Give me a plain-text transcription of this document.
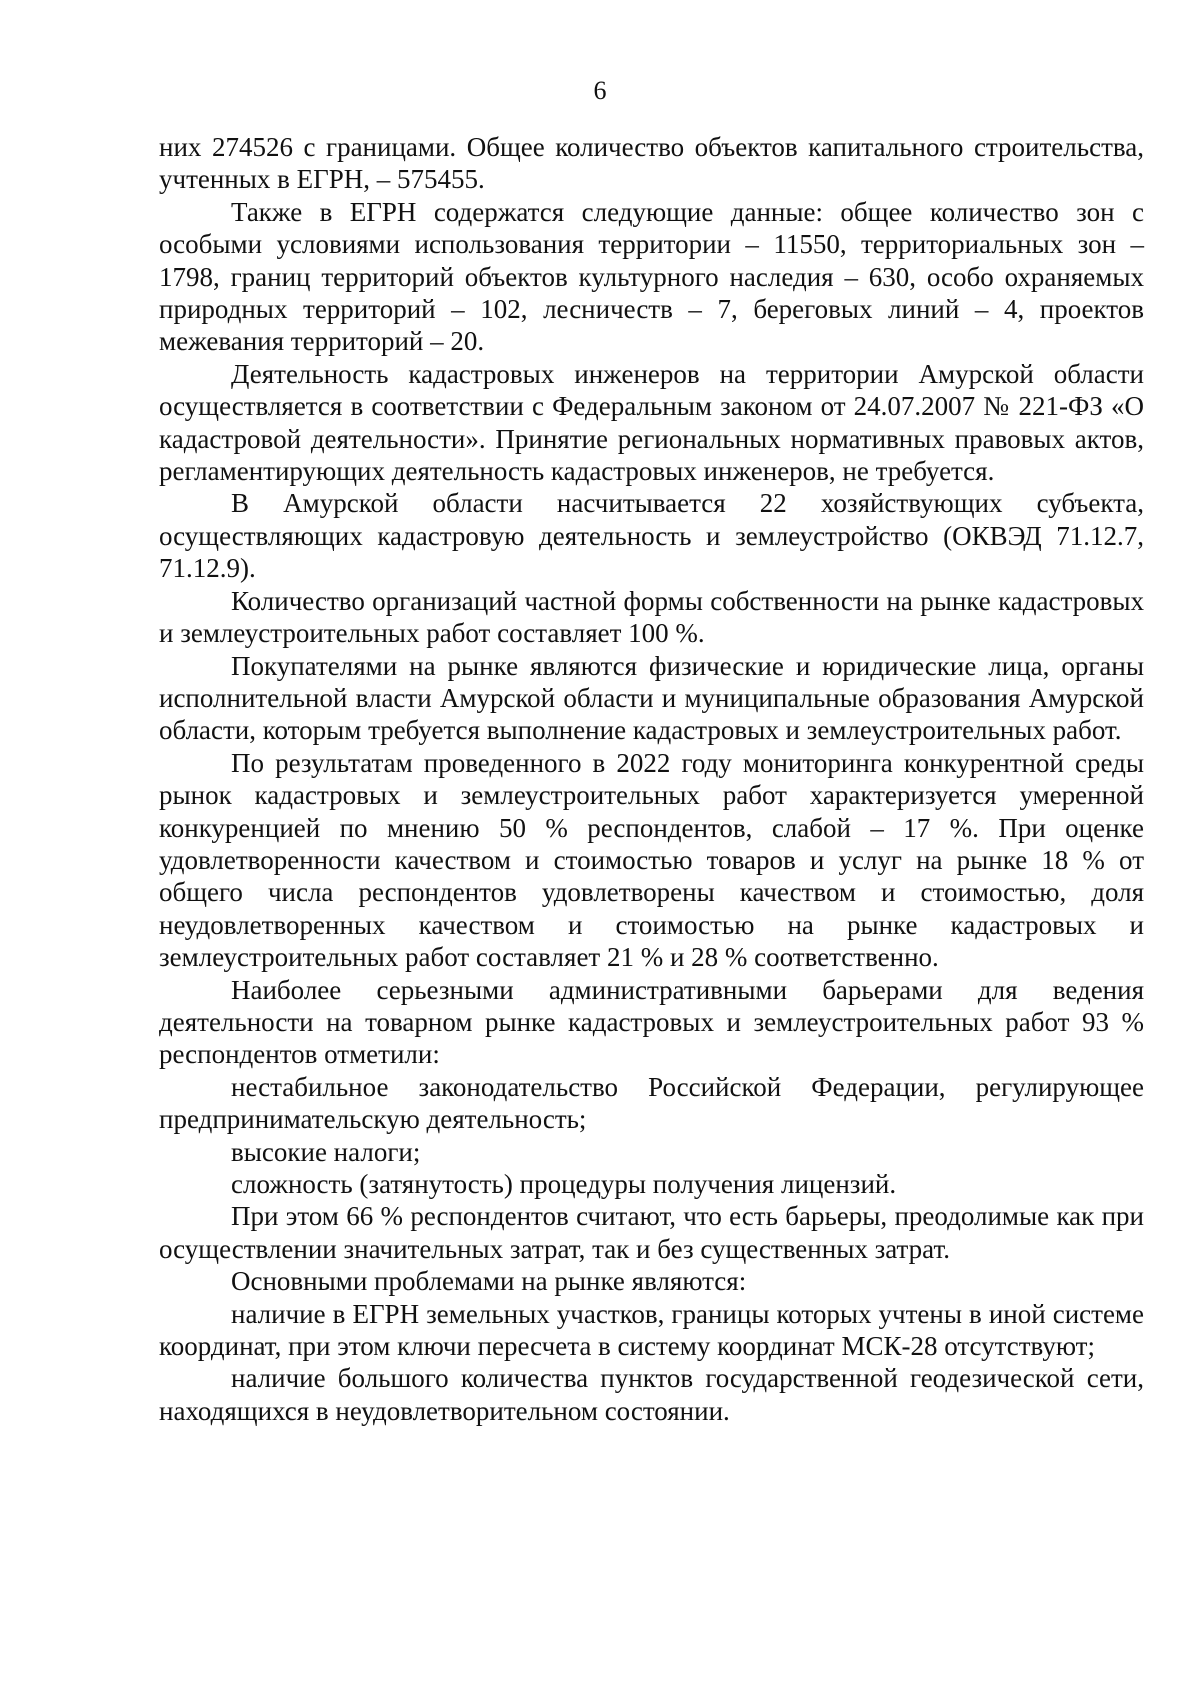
6

них 274526 с границами. Общее количество объектов капитального строительства, учтенных в ЕГРН, – 575455.

Также в ЕГРН содержатся следующие данные: общее количество зон с особыми условиями использования территории – 11550, территориальных зон – 1798, границ территорий объектов культурного наследия – 630, особо охраняемых природных территорий – 102, лесничеств – 7, береговых линий – 4, проектов межевания территорий – 20.

Деятельность кадастровых инженеров на территории Амурской области осуществляется в соответствии с Федеральным законом от 24.07.2007 № 221-ФЗ «О кадастровой деятельности». Принятие региональных нормативных правовых актов, регламентирующих деятельность кадастровых инженеров, не требуется.

В Амурской области насчитывается 22 хозяйствующих субъекта, осуществляющих кадастровую деятельность и землеустройство (ОКВЭД 71.12.7, 71.12.9).

Количество организаций частной формы собственности на рынке кадастровых и землеустроительных работ составляет 100 %.

Покупателями на рынке являются физические и юридические лица, органы исполнительной власти Амурской области и муниципальные образования Амурской области, которым требуется выполнение кадастровых и землеустроительных работ.

По результатам проведенного в 2022 году мониторинга конкурентной среды рынок кадастровых и землеустроительных работ характеризуется умеренной конкуренцией по мнению 50 % респондентов, слабой – 17 %. При оценке удовлетворенности качеством и стоимостью товаров и услуг на рынке 18 % от общего числа респондентов удовлетворены качеством и стоимостью, доля неудовлетворенных качеством и стоимостью на рынке кадастровых и землеустроительных работ составляет 21 % и 28 % соответственно.

Наиболее серьезными административными барьерами для ведения деятельности на товарном рынке кадастровых и землеустроительных работ 93 % респондентов отметили:

нестабильное законодательство Российской Федерации, регулирующее предпринимательскую деятельность;

высокие налоги;

сложность (затянутость) процедуры получения лицензий.

При этом 66 % респондентов считают, что есть барьеры, преодолимые как при осуществлении значительных затрат, так и без существенных затрат.

Основными проблемами на рынке являются:

наличие в ЕГРН земельных участков, границы которых учтены в иной системе координат, при этом ключи пересчета в систему координат МСК-28 отсутствуют;

наличие большого количества пунктов государственной геодезической сети, находящихся в неудовлетворительном состоянии.
